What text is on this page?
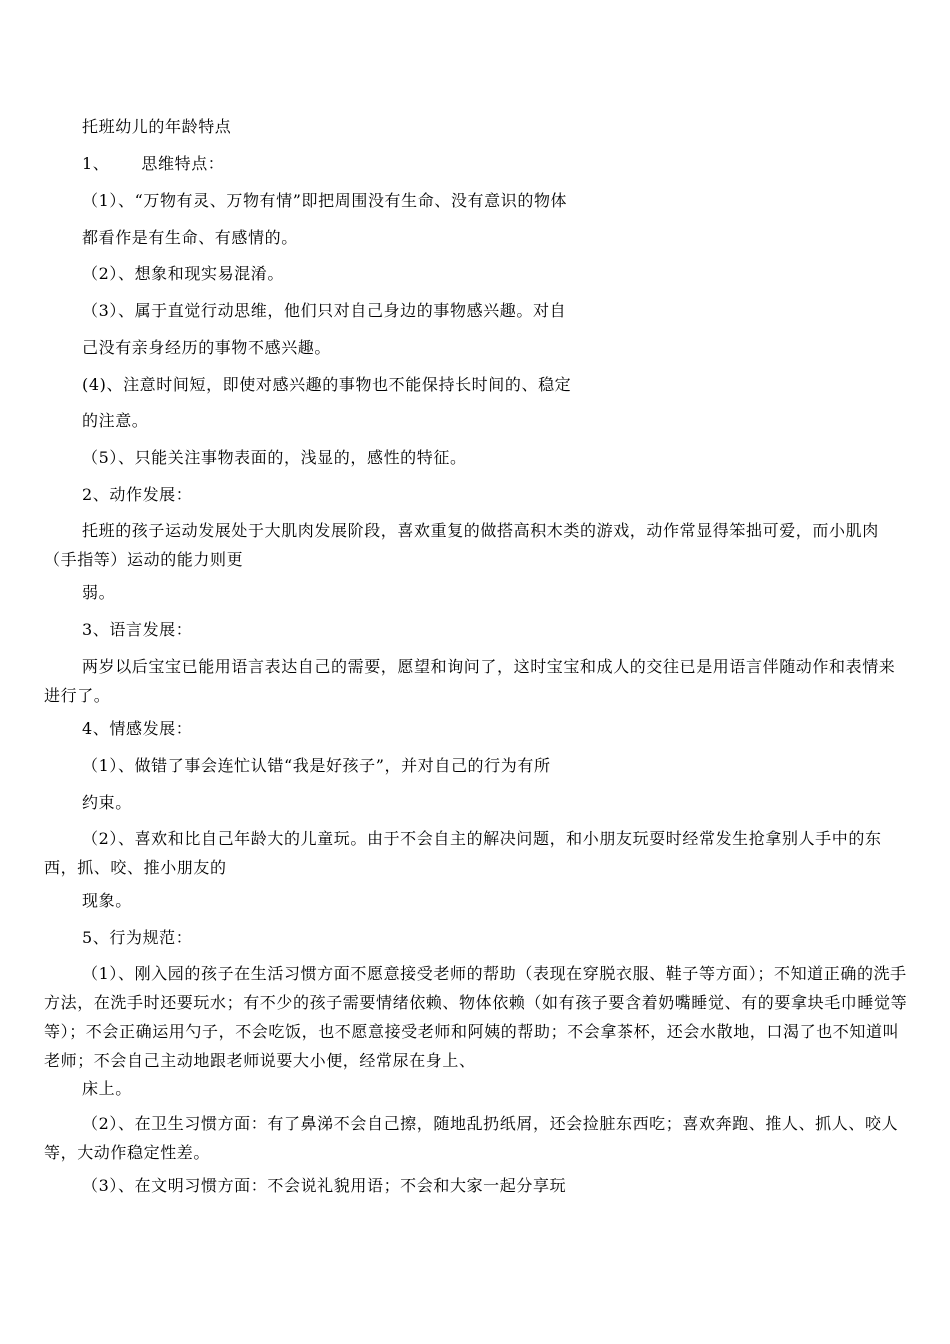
托班幼儿的年龄特点
1、 思维特点：
（1）、“万物有灵、万物有情”即把周围没有生命、没有意识的物体
都看作是有生命、有感情的。
（2）、想象和现实易混淆。
（3）、属于直觉行动思维，他们只对自己身边的事物感兴趣。对自
己没有亲身经历的事物不感兴趣。
(4)、注意时间短，即使对感兴趣的事物也不能保持长时间的、稳定
的注意。
（5）、只能关注事物表面的，浅显的，感性的特征。
2、动作发展：
托班的孩子运动发展处于大肌肉发展阶段，喜欢重复的做搭高积木类的游戏，动作常显得笨拙可爱，而小肌肉（手指等）运动的能力则更
弱。
3、语言发展：
两岁以后宝宝已能用语言表达自己的需要，愿望和询问了，这时宝宝和成人的交往已是用语言伴随动作和表情来进行了。
4、情感发展：
（1）、做错了事会连忙认错“我是好孩子”，并对自己的行为有所
约束。
（2）、喜欢和比自己年龄大的儿童玩。由于不会自主的解决问题，和小朋友玩耍时经常发生抢拿别人手中的东西，抓、咬、推小朋友的
现象。
5、行为规范：
（1）、刚入园的孩子在生活习惯方面不愿意接受老师的帮助（表现在穿脱衣服、鞋子等方面）；不知道正确的洗手方法，在洗手时还要玩水；有不少的孩子需要情绪依赖、物体依赖（如有孩子要含着奶嘴睡觉、有的要拿块毛巾睡觉等等）；不会正确运用勺子，不会吃饭，也不愿意接受老师和阿姨的帮助；不会拿茶杯，还会水散地，口渴了也不知道叫老师；不会自己主动地跟老师说要大小便，经常尿在身上、
床上。
（2）、在卫生习惯方面：有了鼻涕不会自己擦，随地乱扔纸屑，还会捡脏东西吃；喜欢奔跑、推人、抓人、咬人等，大动作稳定性差。
（3）、在文明习惯方面：不会说礼貌用语；不会和大家一起分享玩
